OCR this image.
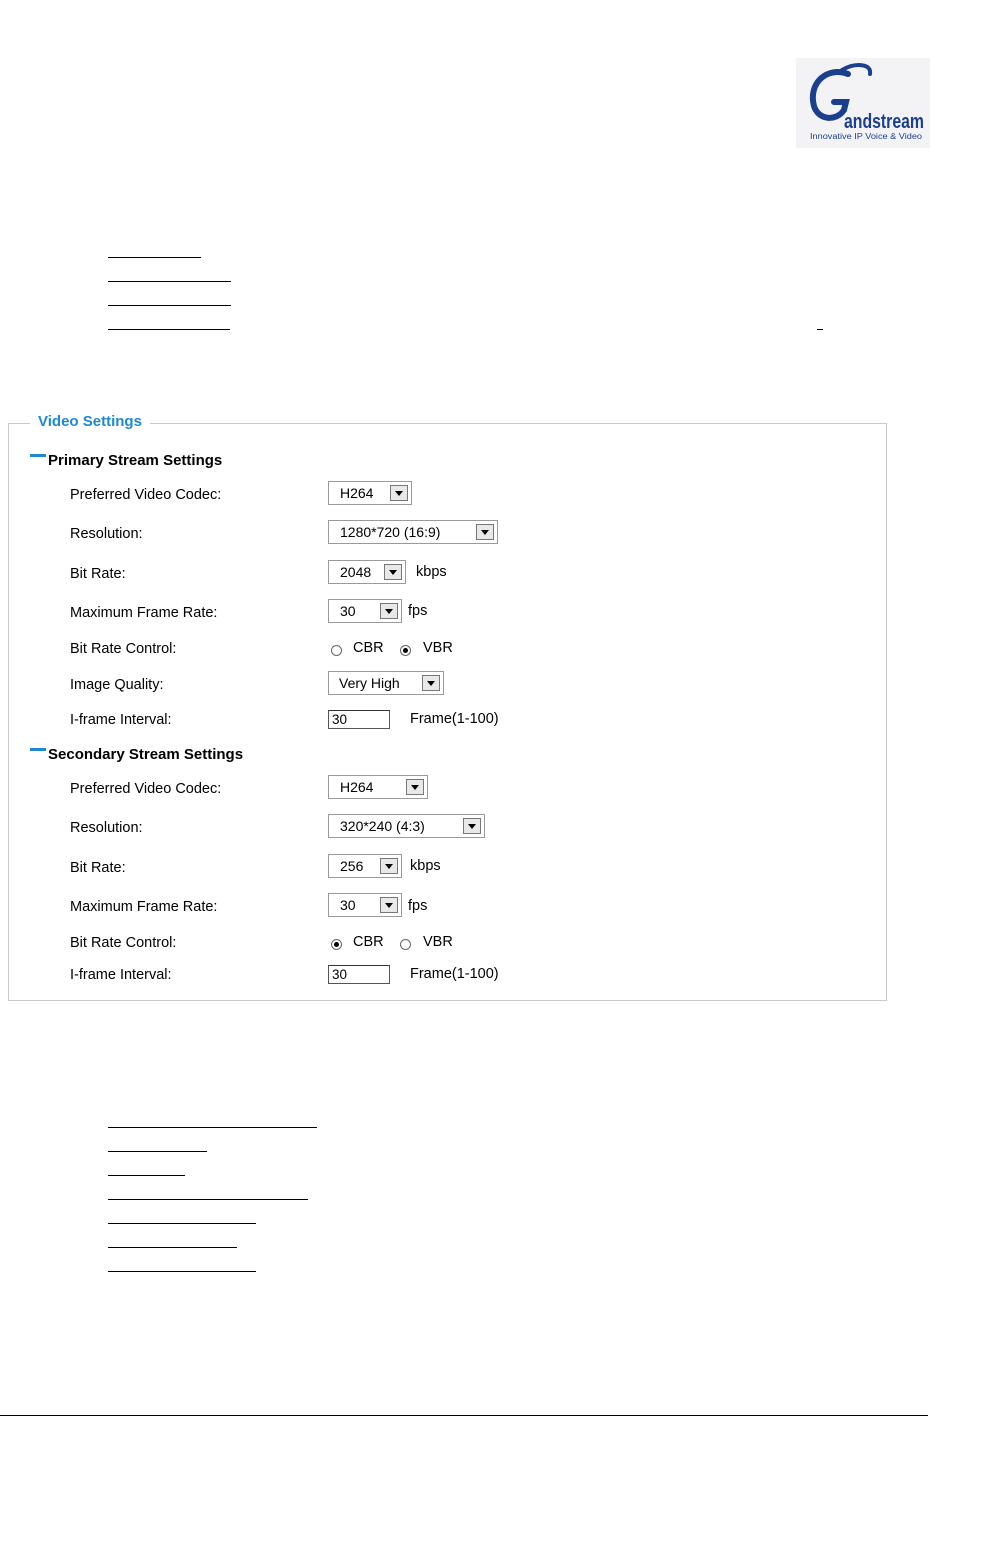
andstream
Innovative IP Voice & Video
Video Settings
Primary Stream Settings
Preferred Video Codec:	H264
Resolution:	1280*720 (16:9)
Bit Rate:	2048	kbps
Maximum Frame Rate:	30	fps
Bit Rate Control:	CBR	VBR
Image Quality:	Very High
I-frame Interval:	30	Frame(1-100)
Secondary Stream Settings
Preferred Video Codec:	H264
Resolution:	320*240 (4:3)
Bit Rate:	256	kbps
Maximum Frame Rate:	30	fps
Bit Rate Control:	CBR	VBR
I-frame Interval:	30	Frame(1-100)
